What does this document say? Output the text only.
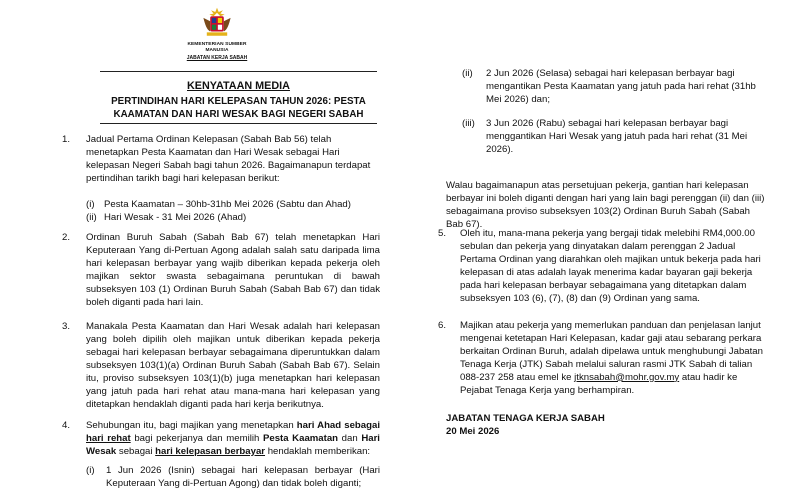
KEMENTERIAN SUMBER MANUSIA
JABATAN KERJA SABAH
KENYATAAN MEDIA
PERTINDIHAN HARI KELEPASAN TAHUN 2026: PESTA
KAAMATAN DAN HARI WESAK BAGI NEGERI SABAH
1. Jadual Pertama Ordinan Kelepasan (Sabah Bab 56) telah menetapkan Pesta Kaamatan dan Hari Wesak sebagai Hari kelepasan Negeri Sabah bagi tahun 2026. Bagaimanapun terdapat pertindihan tarikh bagi hari kelepasan berikut:
(i) Pesta Kaamatan – 30hb-31hb Mei 2026 (Sabtu dan Ahad)
(ii) Hari Wesak - 31 Mei 2026 (Ahad)
2. Ordinan Buruh Sabah (Sabah Bab 67) telah menetapkan Hari Keputeraan Yang di-Pertuan Agong adalah salah satu daripada lima hari kelepasan berbayar yang wajib diberikan kepada pekerja oleh majikan sektor swasta sebagaimana peruntukan di bawah subseksyen 103 (1) Ordinan Buruh Sabah (Sabah Bab 67) dan tidak boleh diganti pada hari lain.
3. Manakala Pesta Kaamatan dan Hari Wesak adalah hari kelepasan yang boleh dipilih oleh majikan untuk diberikan kepada pekerja sebagai hari kelepasan berbayar sebagaimana diperuntukkan dalam subseksyen 103(1)(a) Ordinan Buruh Sabah (Sabah Bab 67). Selain itu, proviso subseksyen 103(1)(b) juga menetapkan hari kelepasan yang jatuh pada hari rehat atau mana-mana hari kelepasan yang ditetapkan hendaklah diganti pada hari kerja berikutnya.
4. Sehubungan itu, bagi majikan yang menetapkan hari Ahad sebagai hari rehat bagi pekerjanya dan memilih Pesta Kaamatan dan Hari Wesak sebagai hari kelepasan berbayar hendaklah memberikan:
(i) 1 Jun 2026 (Isnin) sebagai hari kelepasan berbayar (Hari Keputeraan Yang di-Pertuan Agong) dan tidak boleh diganti;
(ii) 2 Jun 2026 (Selasa) sebagai hari kelepasan berbayar bagi mengantikan Pesta Kaamatan yang jatuh pada hari rehat (31hb Mei 2026) dan;
(iii) 3 Jun 2026 (Rabu) sebagai hari kelepasan berbayar bagi menggantikan Hari Wesak yang jatuh pada hari rehat (31 Mei 2026).
Walau bagaimanapun atas persetujuan pekerja, gantian hari kelepasan berbayar ini boleh diganti dengan hari yang lain bagi perenggan (ii) dan (iii) sebagaimana proviso subseksyen 103(2) Ordinan Buruh Sabah (Sabah Bab 67).
5. Oleh itu, mana-mana pekerja yang bergaji tidak melebihi RM4,000.00 sebulan dan pekerja yang dinyatakan dalam perenggan 2 Jadual Pertama Ordinan yang diarahkan oleh majikan untuk bekerja pada hari kelepasan di atas adalah layak menerima kadar bayaran gaji bekerja pada hari kelepasan berbayar sebagaimana yang ditetapkan dalam subseksyen 103 (6), (7), (8) dan (9) Ordinan yang sama.
6. Majikan atau pekerja yang memerlukan panduan dan penjelasan lanjut mengenai ketetapan Hari Kelepasan, kadar gaji atau sebarang perkara berkaitan Ordinan Buruh, adalah dipelawa untuk menghubungi Jabatan Tenaga Kerja (JTK) Sabah melalui saluran rasmi JTK Sabah di talian 088-237 258 atau emel ke jtknsabah@mohr.gov.my atau hadir ke Pejabat Tenaga Kerja yang berhampiran.
JABATAN TENAGA KERJA SABAH
20 Mei 2026
